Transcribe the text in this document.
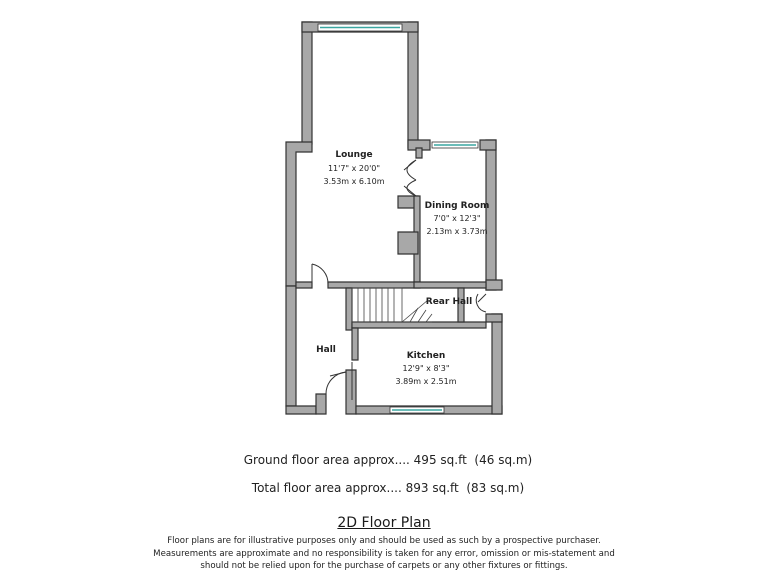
Lounge
11'7" x 20'0"
3.53m x 6.10m
Dining Room
7'0" x 12'3"
2.13m x 3.73m
Rear Hall
Hall
Kitchen
12'9" x 8'3"
3.89m x 2.51m
Ground floor area approx.... 495 sq.ft  (46 sq.m)
Total floor area approx.... 893 sq.ft  (83 sq.m)
2D Floor Plan
Floor plans are for illustrative purposes only and should be used as such by a prospective purchaser.
Measurements are approximate and no responsibility is taken for any error, omission or mis-statement and
should not be relied upon for the purchase of carpets or any other fixtures or fittings.
